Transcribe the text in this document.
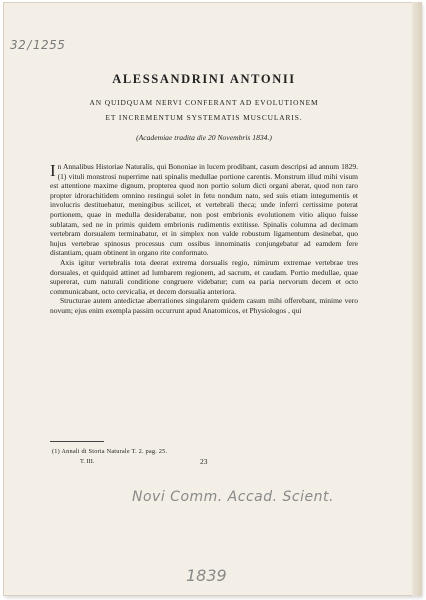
32/1255
ALESSANDRINI ANTONII

AN QUIDQUAM NERVI CONFERANT AD EVOLUTIONEM

ET INCREMENTUM SYSTEMATIS MUSCULARIS.

(Academiae tradita die 20 Novembris 1834.)

In Annalibus Historiae Naturalis, qui Bononiae in lucem prodibant, casum descripsi ad annum 1829. (1) vituli monstrosi nuperrime nati spinalis medullae portione carentis. Monstrum illud mihi visum est attentione maxime dignum, propterea quod non portio solum dicti organi aberat, quod non raro propter idrorachitidem omnino restingui solet in fetu nondum nato, sed suis etiam integumentis et involucris destituebatur, meningibus scilicet, et vertebrali theca; unde inferri certissime poterat portionem, quae in medulla desiderabatur, non post embrionis evolutionem vitio aliquo fuisse sublatam, sed ne in primis quidem embrionis rudimentis extitisse. Spinalis columna ad decimam vertebram dorsualem terminabatur, et in simplex non valde robustum ligamentum desinebat, quo hujus vertebrae spinosus processus cum ossibus innominatis conjungebatur ad eamdem fere distantiam, quam obtinent in organo rite conformato.

Axis igitur vertebralis tota deerat extrema dorsualis regio, nimirum extremae vertebrae tres dorsuales, et quidquid attinet ad lumbarem regionem, ad sacrum, et caudam. Portio medullae, quae supererat, cum naturali conditione congruere videbatur; cum ea paria nervorum decem et octo communicabant, octo cervicalia, et decem dorsualia anteriora.

Structurae autem antedictae aberrationes singularem quidem casum mihi offerebant, minime vero novum; ejus enim exempla passim occurrunt apud Anatomicos, et Physiologos , qui

(1) Annali di Storia Naturale T. 2. pag. 25.
T. III.	23
Novi Comm. Accad. Scient.
1839
